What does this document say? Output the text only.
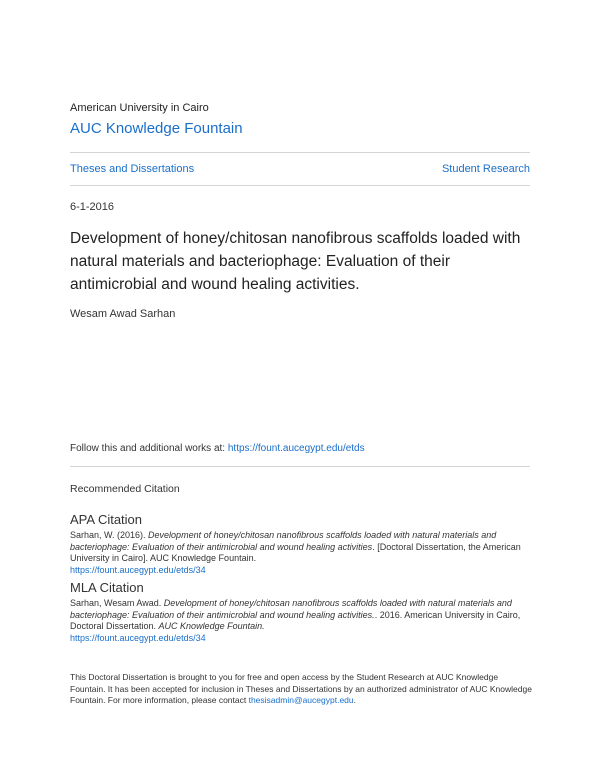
American University in Cairo
AUC Knowledge Fountain
Theses and Dissertations	Student Research
6-1-2016
Development of honey/chitosan nanofibrous scaffolds loaded with natural materials and bacteriophage: Evaluation of their antimicrobial and wound healing activities.
Wesam Awad Sarhan
Follow this and additional works at: https://fount.aucegypt.edu/etds
Recommended Citation
APA Citation
Sarhan, W. (2016). Development of honey/chitosan nanofibrous scaffolds loaded with natural materials and bacteriophage: Evaluation of their antimicrobial and wound healing activities. [Doctoral Dissertation, the American University in Cairo]. AUC Knowledge Fountain.
https://fount.aucegypt.edu/etds/34
MLA Citation
Sarhan, Wesam Awad. Development of honey/chitosan nanofibrous scaffolds loaded with natural materials and bacteriophage: Evaluation of their antimicrobial and wound healing activities.. 2016. American University in Cairo, Doctoral Dissertation. AUC Knowledge Fountain.
https://fount.aucegypt.edu/etds/34
This Doctoral Dissertation is brought to you for free and open access by the Student Research at AUC Knowledge Fountain. It has been accepted for inclusion in Theses and Dissertations by an authorized administrator of AUC Knowledge Fountain. For more information, please contact thesisadmin@aucegypt.edu.
